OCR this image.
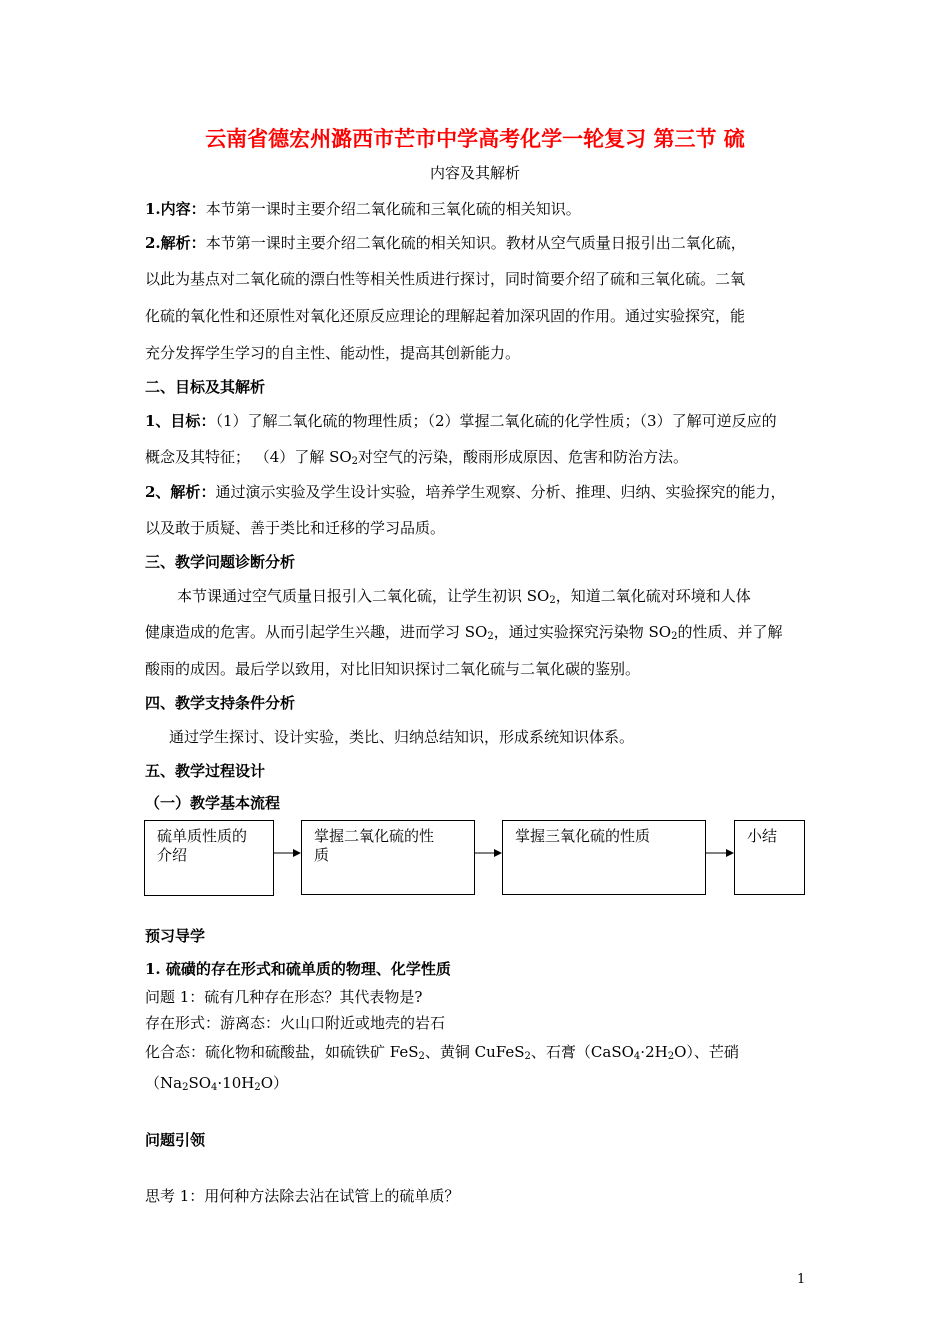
云南省德宏州潞西市芒市中学高考化学一轮复习 第三节 硫
内容及其解析
1.内容：本节第一课时主要介绍二氧化硫和三氧化硫的相关知识。
2.解析：本节第一课时主要介绍二氧化硫的相关知识。教材从空气质量日报引出二氧化硫，
以此为基点对二氧化硫的漂白性等相关性质进行探讨，同时简要介绍了硫和三氧化硫。二氧
化硫的氧化性和还原性对氧化还原反应理论的理解起着加深巩固的作用。通过实验探究，能
充分发挥学生学习的自主性、能动性，提高其创新能力。
二、目标及其解析
1、目标：（1）了解二氧化硫的物理性质；（2）掌握二氧化硫的化学性质；（3）了解可逆反应的
概念及其特征； （4）了解 $SO_2$对空气的污染，酸雨形成原因、危害和防治方法。
2、解析：通过演示实验及学生设计实验，培养学生观察、分析、推理、归纳、实验探究的能力，
以及敢于质疑、善于类比和迁移的学习品质。
三、教学问题诊断分析
本节课通过空气质量日报引入二氧化硫，让学生初识 $SO_2$，知道二氧化硫对环境和人体
健康造成的危害。从而引起学生兴趣，进而学习 $SO_2$，通过实验探究污染物 $SO_2$的性质、并了解
酸雨的成因。最后学以致用，对比旧知识探讨二氧化硫与二氧化碳的鉴别。
四、教学支持条件分析
通过学生探讨、设计实验，类比、归纳总结知识，形成系统知识体系。
五、教学过程设计
（一）教学基本流程
硫单质性质的
介绍
掌握二氧化硫的性
质
掌握三氧化硫的性质	小结
预习导学
1. 硫磺的存在形式和硫单质的物理、化学性质
问题 1：硫有几种存在形态？其代表物是?
存在形式：游离态：火山口附近或地壳的岩石
化合态：硫化物和硫酸盐，如硫铁矿 FeS$_2$、黄铜 CuFeS$_2$、石膏$(CaSO_4\cdot 2H_2O)$、芒硝
$(Na_2SO_4\cdot 10H_2O)$
问题引领
思考 1：用何种方法除去沾在试管上的硫单质？
1
